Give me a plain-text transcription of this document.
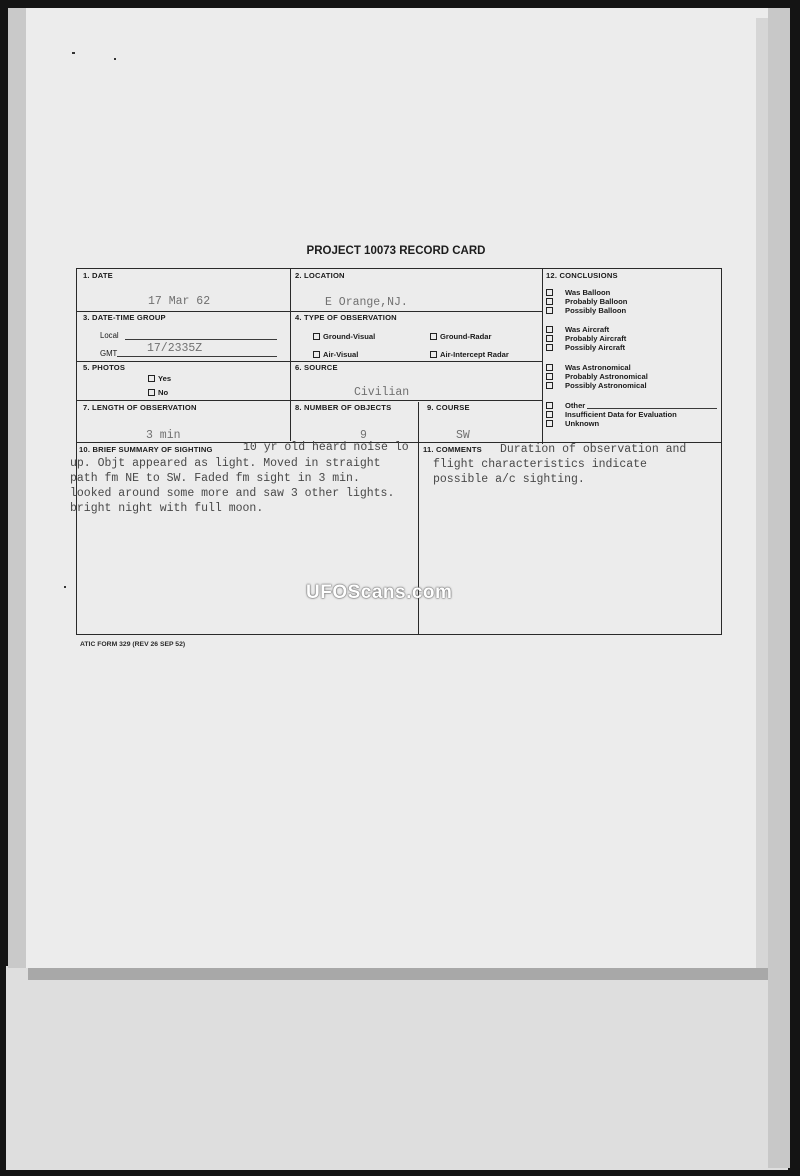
PROJECT 10073 RECORD CARD
1. DATE
17 Mar 62
2. LOCATION
E Orange,NJ.
3. DATE-TIME GROUP
Local
GMT	17/2335Z
4. TYPE OF OBSERVATION
Ground-Visual	Ground-Radar
Air-Visual	Air-Intercept Radar
5. PHOTOS
Yes
No
6. SOURCE
Civilian
7. LENGTH OF OBSERVATION
3 min
8. NUMBER OF OBJECTS
9
9. COURSE
SW
10. BRIEF SUMMARY OF SIGHTING	10 yr old heard noise lo
up. Objt appeared as light. Moved in straight
path fm NE to SW. Faded fm sight in 3 min.
looked around some more and saw 3 other lights.
bright night with full moon.
11. COMMENTS Duration of observation and
flight characteristics indicate
possible a/c sighting.
12. CONCLUSIONS
Was Balloon
Probably Balloon
Possibly Balloon
Was Aircraft
Probably Aircraft
Possibly Aircraft
Was Astronomical
Probably Astronomical
Possibly Astronomical
Other
Insufficient Data for Evaluation
Unknown
UFOScans.com
ATIC FORM 329 (REV 26 SEP 52)
